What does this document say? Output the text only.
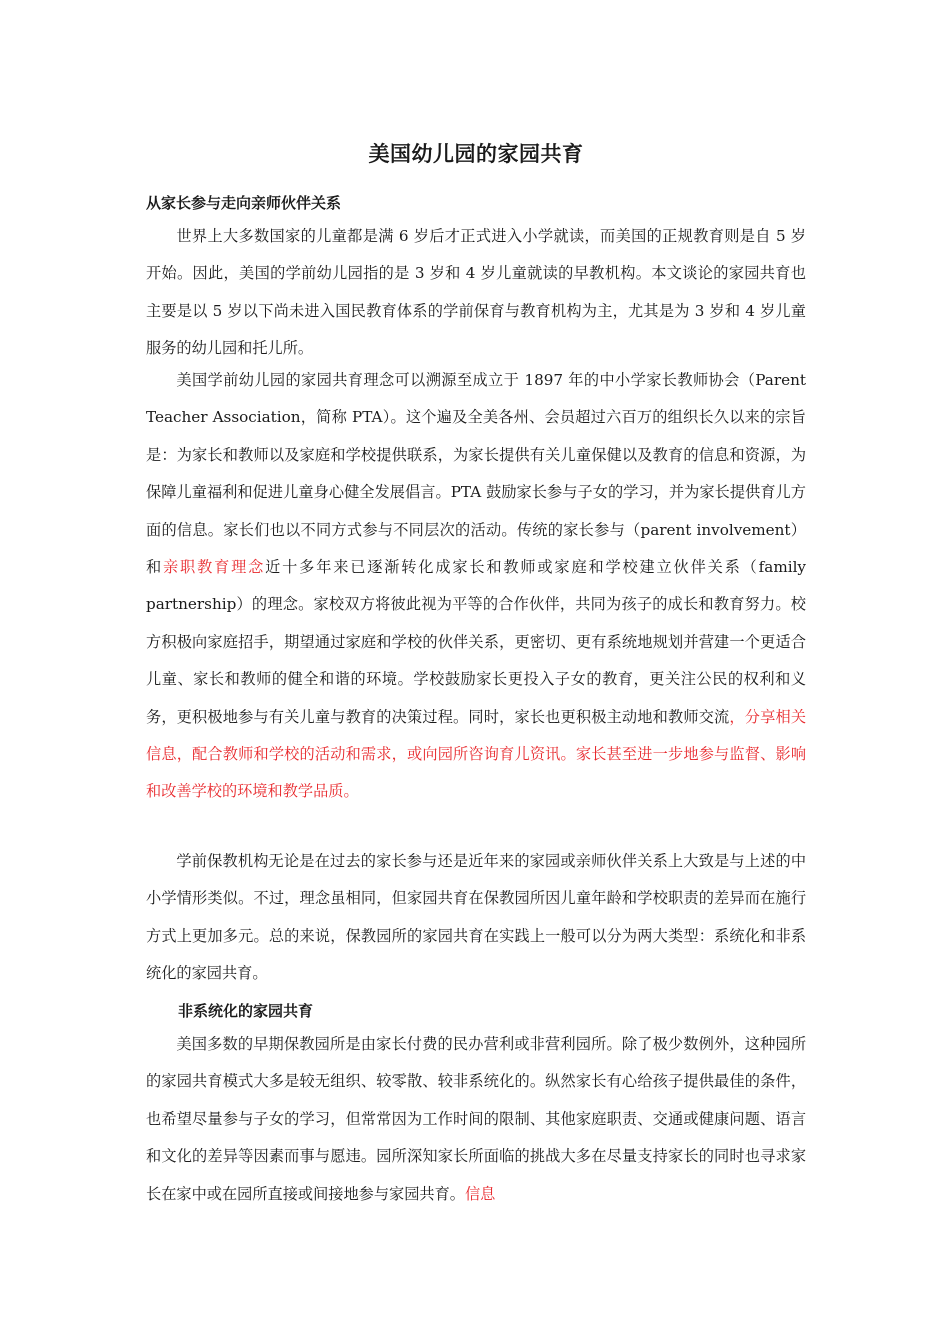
美国幼儿园的家园共育
从家长参与走向亲师伙伴关系

世界上大多数国家的儿童都是满 6 岁后才正式进入小学就读，而美国的正规教育则是自 5 岁开始。因此，美国的学前幼儿园指的是 3 岁和 4 岁儿童就读的早教机构。本文谈论的家园共育也主要是以 5 岁以下尚未进入国民教育体系的学前保育与教育机构为主，尤其是为 3 岁和 4 岁儿童服务的幼儿园和托儿所。

美国学前幼儿园的家园共育理念可以溯源至成立于 1897 年的中小学家长教师协会（Parent Teacher Association，简称 PTA）。这个遍及全美各州、会员超过六百万的组织长久以来的宗旨是：为家长和教师以及家庭和学校提供联系，为家长提供有关儿童保健以及教育的信息和资源，为保障儿童福利和促进儿童身心健全发展倡言。PTA 鼓励家长参与子女的学习，并为家长提供育儿方面的信息。家长们也以不同方式参与不同层次的活动。传统的家长参与（parent involvement）和亲职教育理念近十多年来已逐渐转化成家长和教师或家庭和学校建立伙伴关系（family partnership）的理念。家校双方将彼此视为平等的合作伙伴，共同为孩子的成长和教育努力。校方积极向家庭招手，期望通过家庭和学校的伙伴关系，更密切、更有系统地规划并营建一个更适合儿童、家长和教师的健全和谐的环境。学校鼓励家长更投入子女的教育，更关注公民的权利和义务，更积极地参与有关儿童与教育的决策过程。同时，家长也更积极主动地和教师交流，分享相关信息，配合教师和学校的活动和需求，或向园所咨询育儿资讯。家长甚至进一步地参与监督、影响和改善学校的环境和教学品质。

学前保教机构无论是在过去的家长参与还是近年来的家园或亲师伙伴关系上大致是与上述的中小学情形类似。不过，理念虽相同，但家园共育在保教园所因儿童年龄和学校职责的差异而在施行方式上更加多元。总的来说，保教园所的家园共育在实践上一般可以分为两大类型：系统化和非系统化的家园共育。

非系统化的家园共育

美国多数的早期保教园所是由家长付费的民办营利或非营利园所。除了极少数例外，这种园所的家园共育模式大多是较无组织、较零散、较非系统化的。纵然家长有心给孩子提供最佳的条件，也希望尽量参与子女的学习，但常常因为工作时间的限制、其他家庭职责、交通或健康问题、语言和文化的差异等因素而事与愿违。园所深知家长所面临的挑战大多在尽量支持家长的同时也寻求家长在家中或在园所直接或间接地参与家园共育。信息
